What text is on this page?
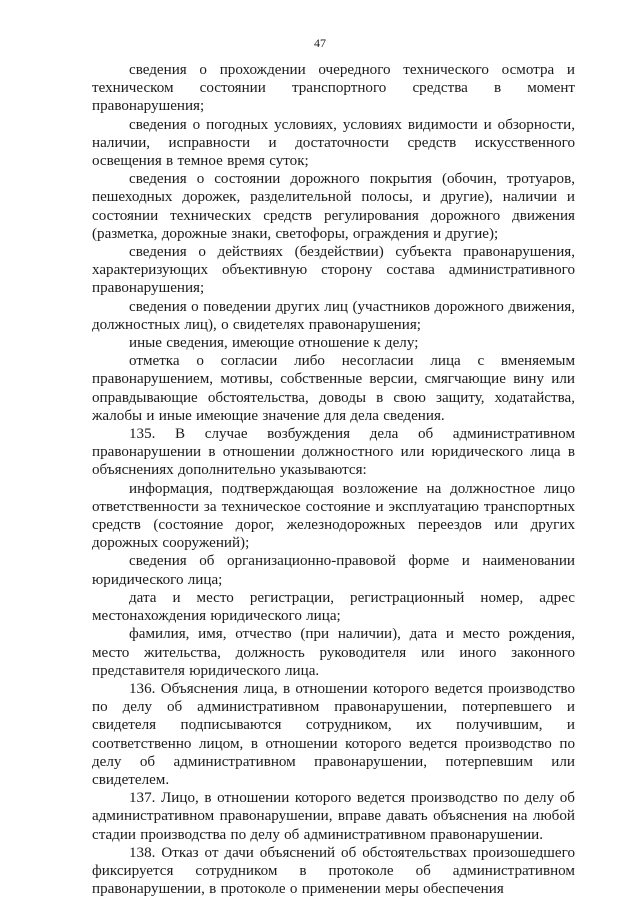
47

сведения о прохождении очередного технического осмотра и техническом состоянии транспортного средства в момент правонарушения;

сведения о погодных условиях, условиях видимости и обзорности, наличии, исправности и достаточности средств искусственного освещения в темное время суток;

сведения о состоянии дорожного покрытия (обочин, тротуаров, пешеходных дорожек, разделительной полосы, и другие), наличии и состоянии технических средств регулирования дорожного движения (разметка, дорожные знаки, светофоры, ограждения и другие);

сведения о действиях (бездействии) субъекта правонарушения, характеризующих объективную сторону состава административного правонарушения;

сведения о поведении других лиц (участников дорожного движения, должностных лиц), о свидетелях правонарушения;

иные сведения, имеющие отношение к делу;

отметка о согласии либо несогласии лица с вменяемым правонарушением, мотивы, собственные версии, смягчающие вину или оправдывающие обстоятельства, доводы в свою защиту, ходатайства, жалобы и иные имеющие значение для дела сведения.

135. В случае возбуждения дела об административном правонарушении в отношении должностного или юридического лица в объяснениях дополнительно указываются:

информация, подтверждающая возложение на должностное лицо ответственности за техническое состояние и эксплуатацию транспортных средств (состояние дорог, железнодорожных переездов или других дорожных сооружений);

сведения об организационно-правовой форме и наименовании юридического лица;

дата и место регистрации, регистрационный номер, адрес местонахождения юридического лица;

фамилия, имя, отчество (при наличии), дата и место рождения, место жительства, должность руководителя или иного законного представителя юридического лица.

136. Объяснения лица, в отношении которого ведется производство по делу об административном правонарушении, потерпевшего и свидетеля подписываются сотрудником, их получившим, и соответственно лицом, в отношении которого ведется производство по делу об административном правонарушении, потерпевшим или свидетелем.

137. Лицо, в отношении которого ведется производство по делу об административном правонарушении, вправе давать объяснения на любой стадии производства по делу об административном правонарушении.

138. Отказ от дачи объяснений об обстоятельствах произошедшего фиксируется сотрудником в протоколе об административном правонарушении, в протоколе о применении меры обеспечения
